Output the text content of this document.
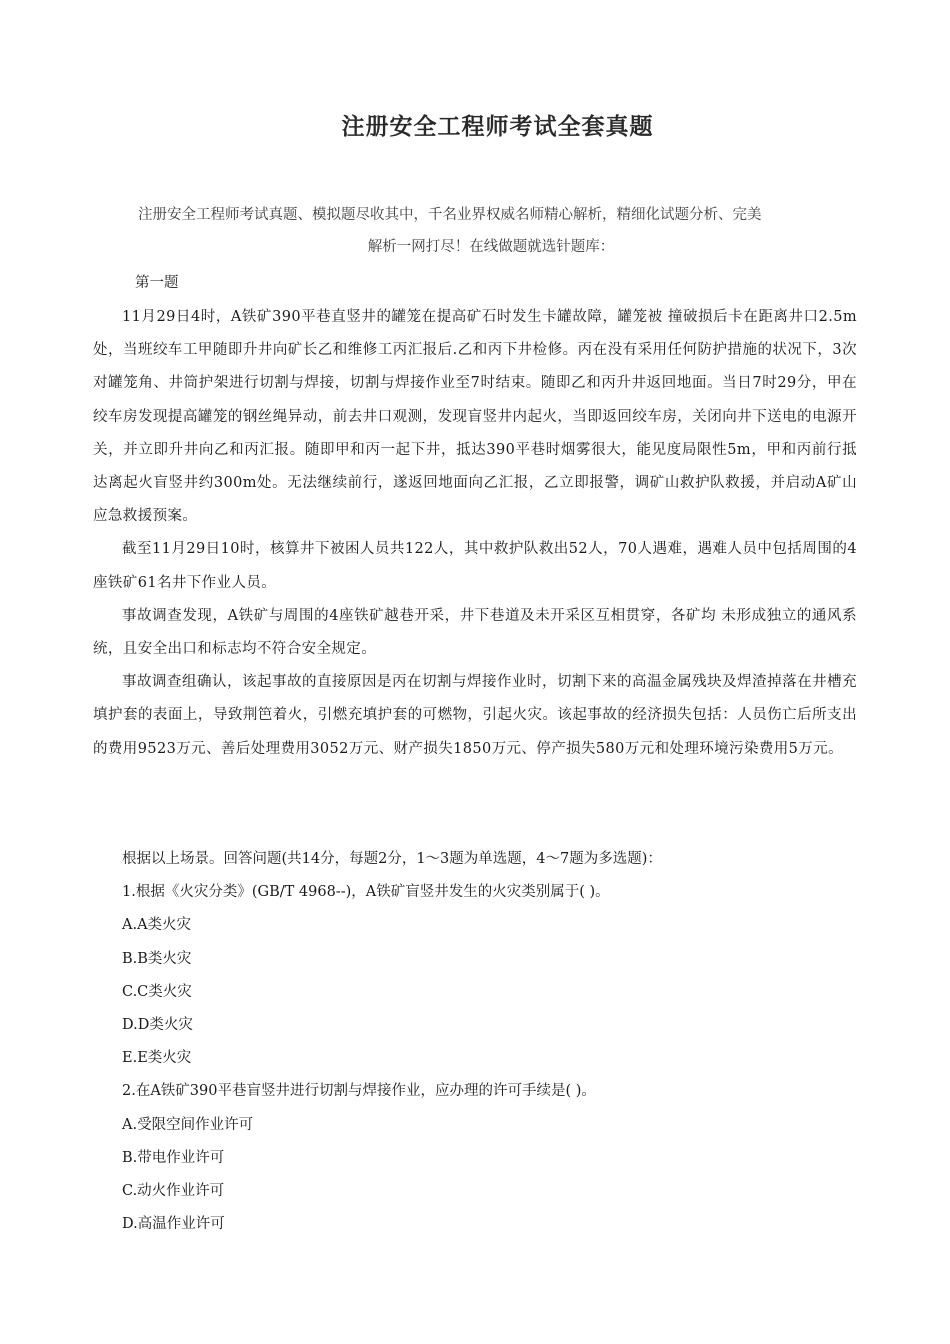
注册安全工程师考试全套真题
注册安全工程师考试真题、模拟题尽收其中，千名业界权威名师精心解析，精细化试题分析、完美
解析一网打尽！在线做题就选针题库：
第一题

11月29日4时，A铁矿390平巷直竖井的罐笼在提高矿石时发生卡罐故障，罐笼被 撞破损后卡在距离井口2.5m处，当班绞车工甲随即升井向矿长乙和维修工丙汇报后.乙和丙下井检修。丙在没有采用任何防护措施的状况下，3次对罐笼角、井筒护架进行切割与焊接，切割与焊接作业至7时结束。随即乙和丙升井返回地面。当日7时29分，甲在绞车房发现提高罐笼的钢丝绳异动，前去井口观测，发现盲竖井内起火，当即返回绞车房，关闭向井下送电的电源开关，并立即升井向乙和丙汇报。随即甲和丙一起下井，抵达390平巷时烟雾很大，能见度局限性5m，甲和丙前行抵达离起火盲竖井约300m处。无法继续前行，遂返回地面向乙汇报，乙立即报警，调矿山救护队救援，并启动A矿山应急救援预案。

截至11月29日10时，核算井下被困人员共122人，其中救护队救出52人，70人遇难，遇难人员中包括周围的4座铁矿61名井下作业人员。

事故调查发现，A铁矿与周围的4座铁矿越巷开采，井下巷道及未开采区互相贯穿，各矿均 未形成独立的通风系统，且安全出口和标志均不符合安全规定。

事故调查组确认，该起事故的直接原因是丙在切割与焊接作业时，切割下来的高温金属残块及焊渣掉落在井槽充填护套的表面上，导致荆笆着火，引燃充填护套的可燃物，引起火灾。该起事故的经济损失包括：人员伤亡后所支出的费用9523万元、善后处理费用3052万元、财产损失1850万元、停产损失580万元和处理环境污染费用5万元。

根据以上场景。回答问题(共14分，每题2分，1～3题为单选题，4～7题为多选题)：
1.根据《火灾分类》(GB/T 4968--)，A铁矿盲竖井发生的火灾类别属于( )。
A.A类火灾
B.B类火灾
C.C类火灾
D.D类火灾
E.E类火灾
2.在A铁矿390平巷盲竖井进行切割与焊接作业，应办理的许可手续是( )。
A.受限空间作业许可
B.带电作业许可
C.动火作业许可
D.高温作业许可
